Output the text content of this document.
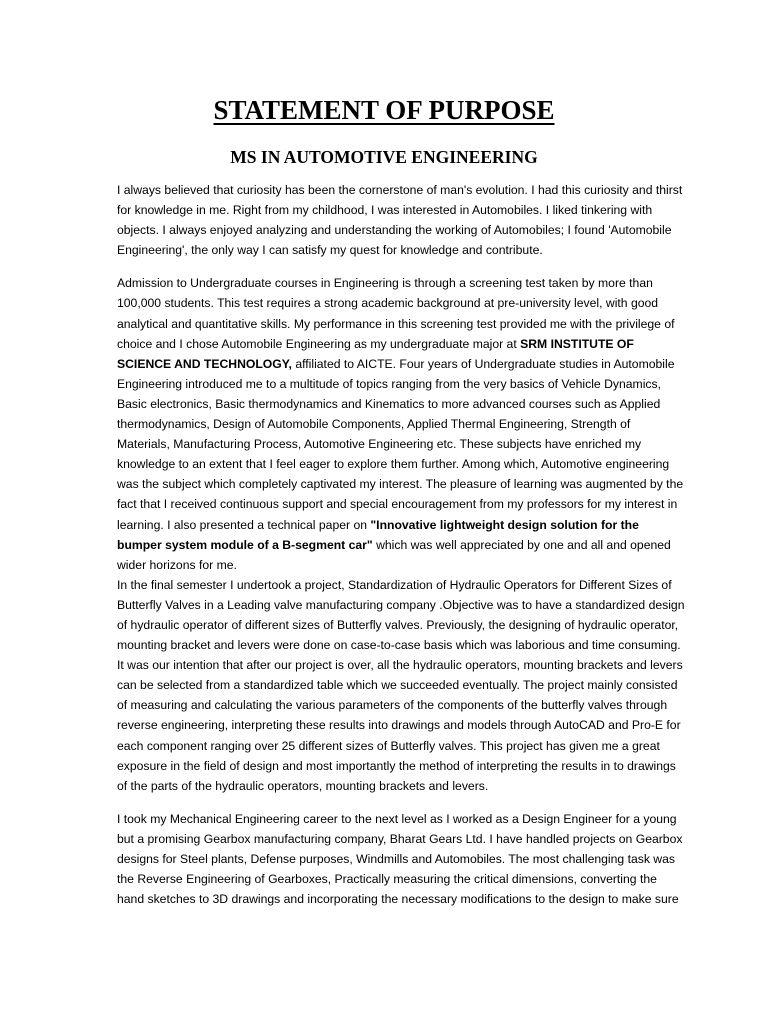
STATEMENT OF PURPOSE
MS IN AUTOMOTIVE ENGINEERING

I always believed that curiosity has been the cornerstone of man's evolution. I had this curiosity and thirst for knowledge in me. Right from my childhood, I was interested in Automobiles. I liked tinkering with objects. I always enjoyed analyzing and understanding the working of Automobiles; I found 'Automobile Engineering', the only way I can satisfy my quest for knowledge and contribute.

Admission to Undergraduate courses in Engineering is through a screening test taken by more than 100,000 students. This test requires a strong academic background at pre-university level, with good analytical and quantitative skills. My performance in this screening test provided me with the privilege of choice and I chose Automobile Engineering as my undergraduate major at SRM INSTITUTE OF SCIENCE AND TECHNOLOGY, affiliated to AICTE. Four years of Undergraduate studies in Automobile Engineering introduced me to a multitude of topics ranging from the very basics of Vehicle Dynamics, Basic electronics, Basic thermodynamics and Kinematics to more advanced courses such as Applied thermodynamics, Design of Automobile Components, Applied Thermal Engineering, Strength of Materials, Manufacturing Process, Automotive Engineering etc. These subjects have enriched my knowledge to an extent that I feel eager to explore them further. Among which, Automotive engineering was the subject which completely captivated my interest. The pleasure of learning was augmented by the fact that I received continuous support and special encouragement from my professors for my interest in learning. I also presented a technical paper on "Innovative lightweight design solution for the bumper system module of a B-segment car" which was well appreciated by one and all and opened wider horizons for me.

In the final semester I undertook a project, Standardization of Hydraulic Operators for Different Sizes of Butterfly Valves in a Leading valve manufacturing company .Objective was to have a standardized design of hydraulic operator of different sizes of Butterfly valves. Previously, the designing of hydraulic operator, mounting bracket and levers were done on case-to-case basis which was laborious and time consuming. It was our intention that after our project is over, all the hydraulic operators, mounting brackets and levers can be selected from a standardized table which we succeeded eventually. The project mainly consisted of measuring and calculating the various parameters of the components of the butterfly valves through reverse engineering, interpreting these results into drawings and models through AutoCAD and Pro-E for each component ranging over 25 different sizes of Butterfly valves. This project has given me a great exposure in the field of design and most importantly the method of interpreting the results in to drawings of the parts of the hydraulic operators, mounting brackets and levers.

I took my Mechanical Engineering career to the next level as I worked as a Design Engineer for a young but a promising Gearbox manufacturing company, Bharat Gears Ltd. I have handled projects on Gearbox designs for Steel plants, Defense purposes, Windmills and Automobiles. The most challenging task was the Reverse Engineering of Gearboxes, Practically measuring the critical dimensions, converting the hand sketches to 3D drawings and incorporating the necessary modifications to the design to make sure
